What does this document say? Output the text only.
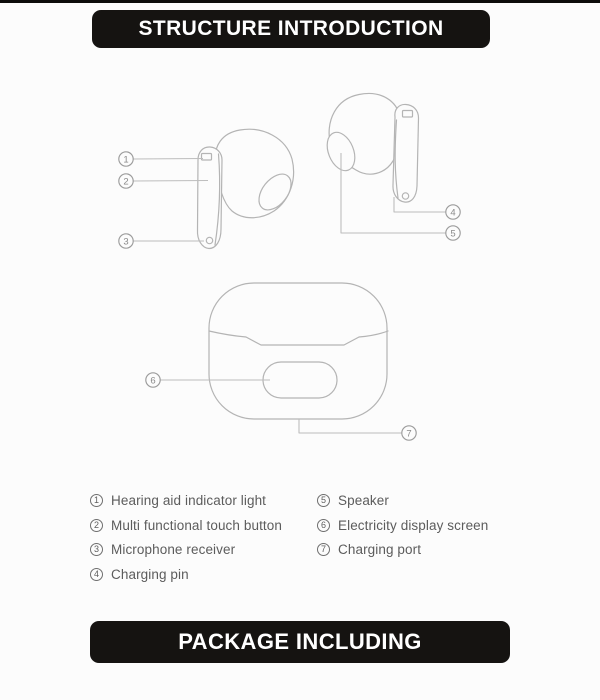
STRUCTURE INTRODUCTION
1
2
3
4
5
6
7
1 Hearing aid indicator light
2 Multi functional touch button
3 Microphone receiver
4 Charging pin
5 Speaker
6 Electricity display screen
7 Charging port
PACKAGE INCLUDING
